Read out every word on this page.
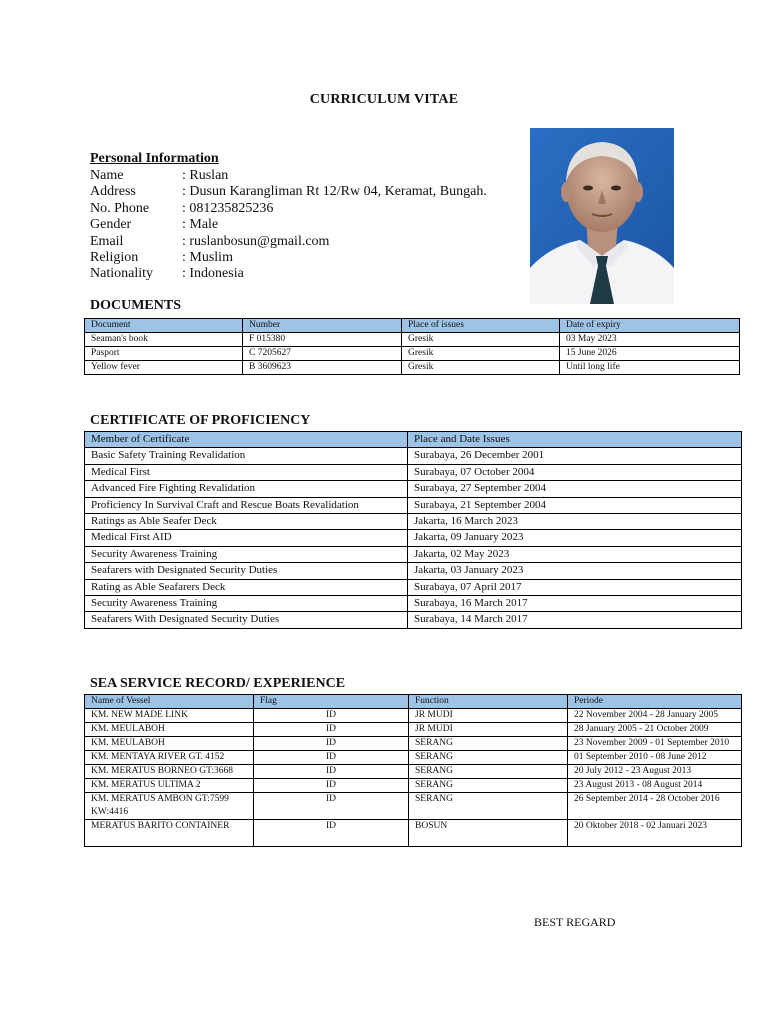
CURRICULUM VITAE
Personal Information
Name	: Ruslan
Address	: Dusun Karangliman Rt 12/Rw 04, Keramat, Bungah.
No. Phone : 081235825236
Gender	: Male
Email	: ruslanbosun@gmail.com
Religion	: Muslim
Nationality : Indonesia
DOCUMENTS
Document	Number	Place of issues	Date of expiry
Seaman's book	F 015380	Gresik	03 May 2023
Pasport	C 7205627	Gresik	15 June 2026
Yellow fever	B 3609623	Gresik	Until long life
CERTIFICATE OF PROFICIENCY
Member of Certificate	Place and Date Issues
Basic Safety Training Revalidation	Surabaya, 26 December 2001
Medical First	Surabaya, 07 October 2004
Advanced Fire Fighting Revalidation	Surabaya, 27 September 2004
Proficiency In Survival Craft and Rescue Boats Revalidation	Surabaya, 21 September 2004
Ratings as Able Seafer Deck	Jakarta, 16 March 2023
Medical First AID	Jakarta, 09 January 2023
Security Awareness Training	Jakarta, 02 May 2023
Seafarers with Designated Security Duties	Jakarta, 03 January 2023
Rating as Able Seafarers Deck	Surabaya, 07 April 2017
Security Awareness Training	Surabaya, 16 March 2017
Seafarers With Designated Security Duties	Surabaya, 14 March 2017
SEA SERVICE RECORD/ EXPERIENCE
Name of Vessel	Flag	Function	Periode
KM. NEW MADE LINK	ID	JR MUDI	22 November 2004 - 28 January 2005
KM. MEULABOH	ID	JR MUDI	28 January 2005 - 21 October 2009
KM. MEULABOH	ID	SERANG	23 November 2009 - 01 September 2010
KM. MENTAYA RIVER GT. 4152	ID	SERANG	01 September 2010 - 08 June 2012
KM. MERATUS BORNEO GT:3668	ID	SERANG	20 July 2012 - 23 August 2013
KM. MERATUS ULTIMA 2	ID	SERANG	23 August 2013 - 08 August 2014
KM. MERATUS AMBON GT:7599 KW:4416	ID	SERANG	26 September 2014 - 28 October 2016
MERATUS BARITO CONTAINER	ID	BOSUN	20 Oktober 2018 - 02 Januari 2023
BEST REGARD
